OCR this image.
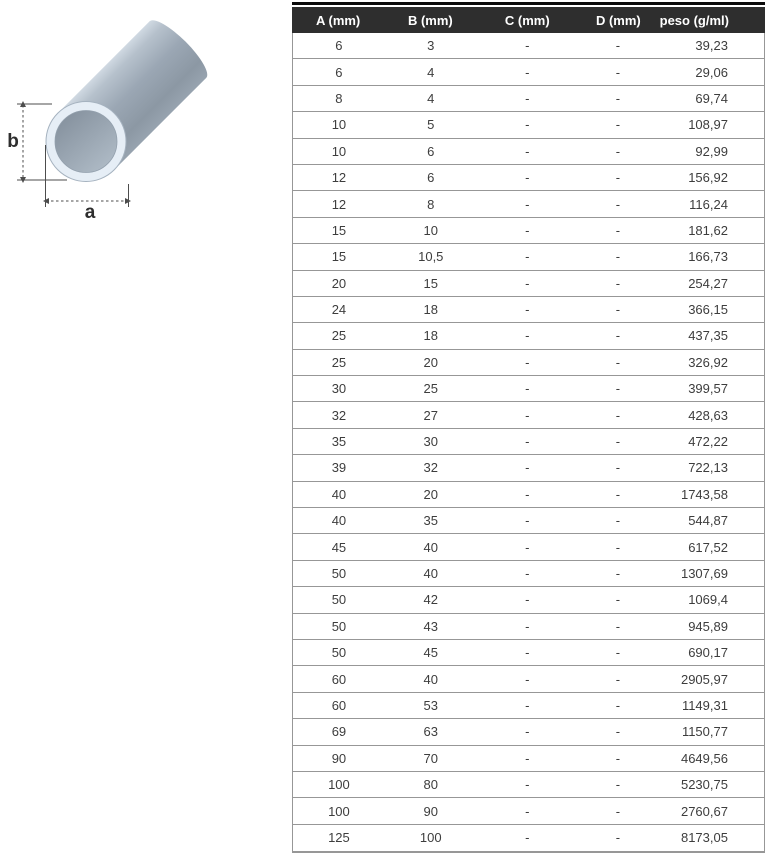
b
a
A (mm)	B (mm)	C (mm)	D (mm)	peso (g/ml)
6	3	-	-	39,23
6	4	-	-	29,06
8	4	-	-	69,74
10	5	-	-	108,97
10	6	-	-	92,99
12	6	-	-	156,92
12	8	-	-	116,24
15	10	-	-	181,62
15	10,5	-	-	166,73
20	15	-	-	254,27
24	18	-	-	366,15
25	18	-	-	437,35
25	20	-	-	326,92
30	25	-	-	399,57
32	27	-	-	428,63
35	30	-	-	472,22
39	32	-	-	722,13
40	20	-	-	1743,58
40	35	-	-	544,87
45	40	-	-	617,52
50	40	-	-	1307,69
50	42	-	-	1069,4
50	43	-	-	945,89
50	45	-	-	690,17
60	40	-	-	2905,97
60	53	-	-	1149,31
69	63	-	-	1150,77
90	70	-	-	4649,56
100	80	-	-	5230,75
100	90	-	-	2760,67
125	100	-	-	8173,05
